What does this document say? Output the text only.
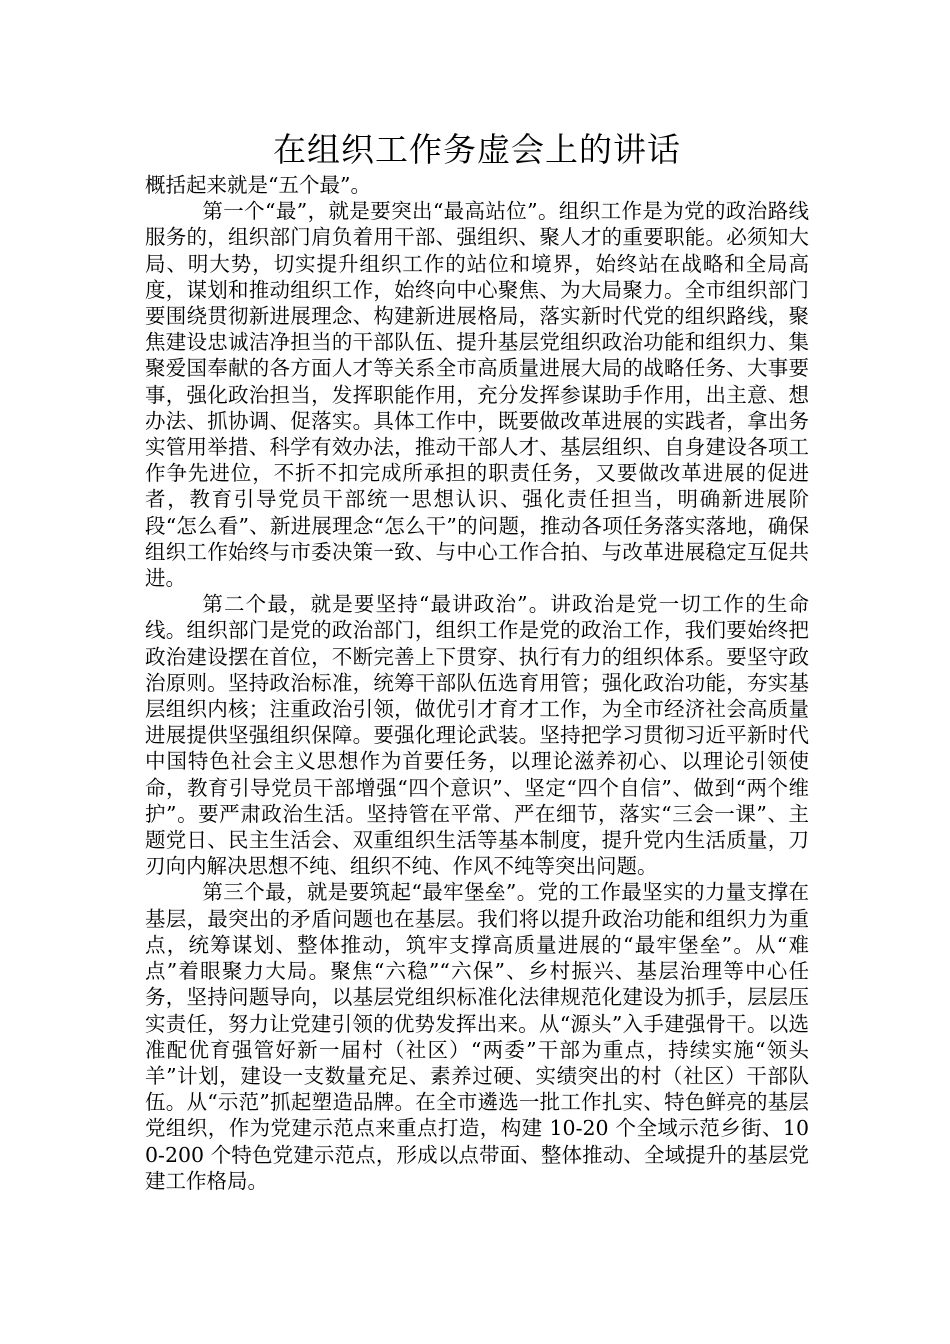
在组织工作务虚会上的讲话

概括起来就是“五个最”。

第一个“最”，就是要突出“最高站位”。组织工作是为党的政治路线服务的，组织部门肩负着用干部、强组织、聚人才的重要职能。必须知大局、明大势，切实提升组织工作的站位和境界，始终站在战略和全局高度，谋划和推动组织工作，始终向中心聚焦、为大局聚力。全市组织部门要围绕贯彻新进展理念、构建新进展格局，落实新时代党的组织路线，聚焦建设忠诚洁净担当的干部队伍、提升基层党组织政治功能和组织力、集聚爱国奉献的各方面人才等关系全市高质量进展大局的战略任务、大事要事，强化政治担当，发挥职能作用，充分发挥参谋助手作用，出主意、想办法、抓协调、促落实。具体工作中，既要做改革进展的实践者，拿出务实管用举措、科学有效办法，推动干部人才、基层组织、自身建设各项工作争先进位，不折不扣完成所承担的职责任务，又要做改革进展的促进者，教育引导党员干部统一思想认识、强化责任担当，明确新进展阶段“怎么看”、新进展理念“怎么干”的问题，推动各项任务落实落地，确保组织工作始终与市委决策一致、与中心工作合拍、与改革进展稳定互促共进。

第二个最，就是要坚持“最讲政治”。讲政治是党一切工作的生命线。组织部门是党的政治部门，组织工作是党的政治工作，我们要始终把政治建设摆在首位，不断完善上下贯穿、执行有力的组织体系。要坚守政治原则。坚持政治标准，统筹干部队伍选育用管；强化政治功能，夯实基层组织内核；注重政治引领，做优引才育才工作，为全市经济社会高质量进展提供坚强组织保障。要强化理论武装。坚持把学习贯彻习近平新时代中国特色社会主义思想作为首要任务，以理论滋养初心、以理论引领使命，教育引导党员干部增强“四个意识”、坚定“四个自信”、做到“两个维护”。要严肃政治生活。坚持管在平常、严在细节，落实“三会一课”、主题党日、民主生活会、双重组织生活等基本制度，提升党内生活质量，刀刃向内解决思想不纯、组织不纯、作风不纯等突出问题。

第三个最，就是要筑起“最牢堡垒”。党的工作最坚实的力量支撑在基层，最突出的矛盾问题也在基层。我们将以提升政治功能和组织力为重点，统筹谋划、整体推动，筑牢支撑高质量进展的“最牢堡垒”。从“难点”着眼聚力大局。聚焦“六稳”“六保”、乡村振兴、基层治理等中心任务，坚持问题导向，以基层党组织标准化法律规范化建设为抓手，层层压实责任，努力让党建引领的优势发挥出来。从“源头”入手建强骨干。以选准配优育强管好新一届村（社区）“两委”干部为重点，持续实施“领头羊”计划，建设一支数量充足、素养过硬、实绩突出的村（社区）干部队伍。从“示范”抓起塑造品牌。在全市遴选一批工作扎实、特色鲜亮的基层党组织，作为党建示范点来重点打造，构建 10-20 个全域示范乡街、100-200 个特色党建示范点，形成以点带面、整体推动、全域提升的基层党建工作格局。
